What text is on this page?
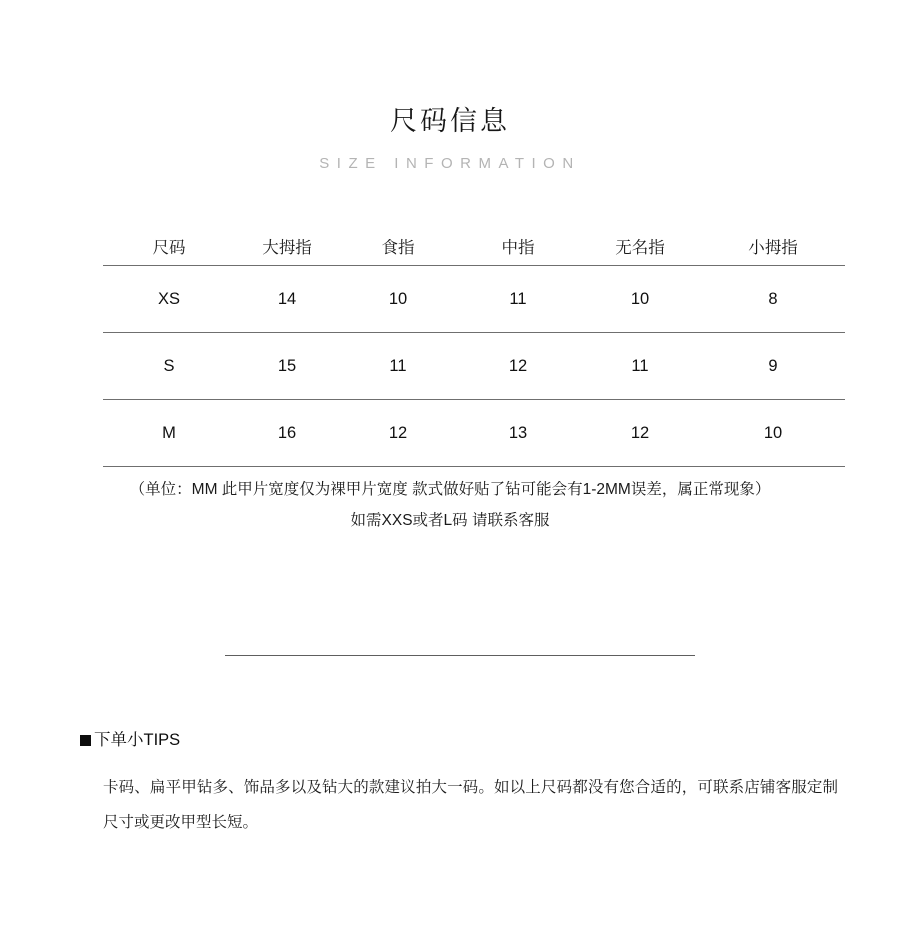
尺码信息

SIZE INFORMATION

尺码	大拇指	食指	中指	无名指	小拇指
XS	14	10	11	10	8
S	15	11	12	11	9
M	16	12	13	12	10

（单位：MM 此甲片宽度仅为裸甲片宽度 款式做好贴了钻可能会有1-2MM误差，属正常现象）

如需XXS或者L码 请联系客服

下单小TIPS

卡码、扁平甲钻多、饰品多以及钻大的款建议拍大一码。如以上尺码都没有您合适的，可联系店铺客服定制尺寸或更改甲型长短。
